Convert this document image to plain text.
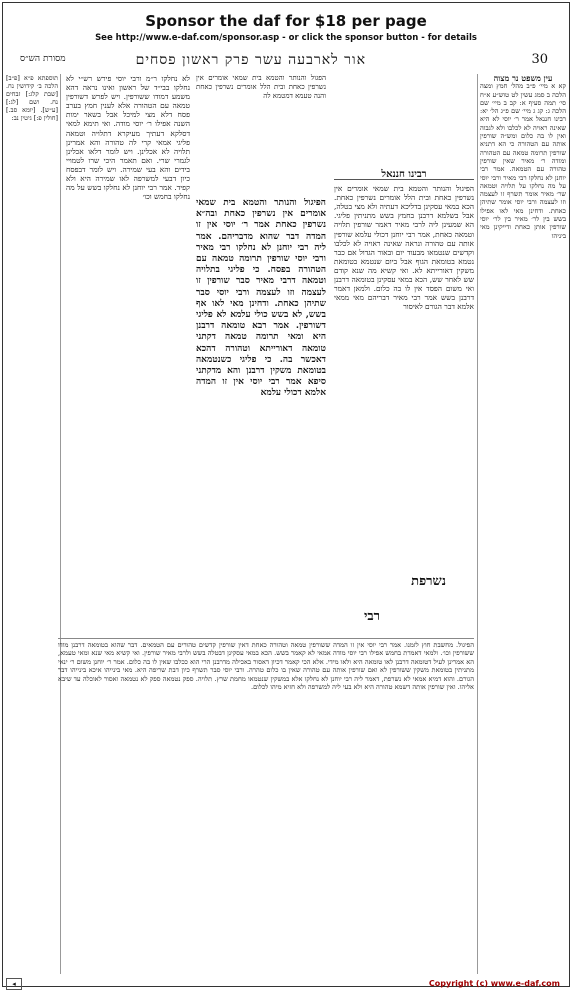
Sponsor the daf for $18 per page
See http://www.e-daf.com/sponsor.asp - or click the sponsor button - for details
30
אור לארבעה עשר פרק ראשון פסחים
מסורת הש״ס
עין משפט נר מצוה
קא א מיי׳ פ״ב מהל׳ חמץ ומצה הלכה ב סמג עשין לט טוש״ע א״ח סי׳ תמה סעיף א: קב ב מיי׳ שם הלכה ג: קג ג מיי׳ שם פ״ג הל׳ יא: רבינו חננאל אמר ר׳ יוסי לא היא שאינה ראויה לא לכלבו ולא לגבוה ואין לו בה כלום ומש״ה שורפין אותה עם הטהורה כי הא דתניא שורפין תרומה טמאה עם הטהורה ומודה ר׳ מאיר שאין שורפין טהורה עם הטמאה. אמר רבי יוחנן לא נחלקו רבי מאיר ורבי יוסי על מה נחלקו על תלויה וטמאה שר׳ מאיר אומר תשרף זו לעצמה וזו לעצמה ורבי יוסי אומר שתיהן כאחת. ודחינן מאי לאו אפילו בשש בין לר׳ מאיר בין לר׳ יוסי שורפין אותן כאחת ודייקינן מאי ביניהו
הפגול והנותר והטמא בית שמאי אומרים אין נשרפין כאחת ובית הלל אומרים נשרפין כאחת והנה טעמא דמטמא לה
רבינו חננאל
הפיגול והנותר והטמא בית שמאי אומרים אין נשרפין כאחת ובית הלל אומרים נשרפין כאחת. הכא במאי עסקינן בדליכא דעתיה ולא מצי בטלה, אבל בשלמא דרבנן בחמץ בשש מתניתין פליגי. הא שמעינן ליה לרבי מאיר דאמר שורפין תלויה וטמאה כאחת, אמר רבי יוחנן דכולי עלמא שורפין אותה עם טהורה ונראה שאינה ראויה לא לכלבו וקדשים שנטמאו מבעוד יום ובאור הגדול אם כבר נטמא בטומאת הגוף אבל ביום שנטמא בטומאת משקין דאורייתא לא. ואי קשיא מה שנא קודם שש לאחר שש, הכא במאי עסקינן בטומאה דרבנן ואי משום הפסד אין לו בה כלום. ולמאן דאמר דרבנן בשש אמר רבי מאיר דבריהם מאי ממאי אלמא דבר הגורם לאיסור
הפיגול והנותר והטמא בית שמאי אומרים אין נשרפין כאחת ובה״א נשרפין כאחת אמר ר׳ יוסי אין זו המדה דבר שהוא מדבריהם. אמר ליה רבי יוחנן לא נחלקו רבי מאיר ורבי יוסי שורפין תרומה טמאה עם הטהורה בפסח. כי פליגי בתלויה וטמאה דרבי מאיר סבר שורפין זו לעצמה וזו לעצמה ורבי יוסי סבר שתיהן כאחת. ודחינן מאי לאו אף בשש, לא בשש כולי עלמא לא פליגי דשורפין. אמר רבא טומאה דרבנן היא ומאי תרומה טמאה דקתני טומאה דאורייתא וטהורה דהכא דאכשר בה. כי פליגי כשנטמאה בטומאת משקין דרבנן והא מדקתני סיפא אמר רבי יוסי אין זו המדה אלמא דכולי עלמא
לא נחלקו ר״מ ורבי יוסי פירש רש״י לא נחלקו בבי״ד של ראשון ואינו נראה דהא משמע דמודו ששורפין. ויש לפרש דשורפין טמאה עם הטהורה אלא לענין חמץ בערב פסח דלא מצי למיכל אבל בשאר ימות השנה אפילו ר׳ יוסי מודה. ואי תימא למאי דסלקא דעתיך מעיקרא דתלויה וטמאה פליגי אמאי קרי לה טהורה והא אמרינן תלויה לא אכלינן. ויש לומר דלאו אכלינן לגמרי שרי. ואם תאמר היכי שרו לטמויי בידים והא בעי שמירה. ויש לומר דבפסח כיון דבעי למשרפה לאו שמירה היא ולא קפיד. אמר רבי יוחנן לא נחלקו בשש על מה נחלקו בחמש וכו׳
תוספתא פ״א [פ״ב] הלכה ב׳ קידושין נח. [שבת קלג:] זבחים נח. ושם [לג:] [ע״ש]. [יומא סב.] [חולין פ:] גיטין נב:
נשרפת
רבי
הפיגול. מחשבת חוץ לזמנו. אמר רבי יוסי אין זו המדה ששורפין טמאה וטהורה כאחת דאין שורפין קדשים טהורים עם הטמאים. דבר שהוא בטומאה דרבנן מודו ששורפין וכו׳. ולמאי דאמרת בחמש אפילו רבי יוסי מודה אמאי לא קאמר בשש. הכא במאי עסקינן דבטלה בשש ולרבי מאיר שורפין. ואי קשיא מאי שנא ומאי טעמא, הא אמרינן לעיל דטומאה דרבנן לאו טומאה היא ולאו מידי. אלא הכי קאמר דכיון דאסור באכילה מדרבנן הרי הוא ככלבו שאין לו בה כלום. אמר ר׳ יוחנן משום ר׳ ינאי מתניתין בטומאת משקין ששורפין לא ואם שורפין אותה עם טהורה שאין בו כלום טהרה. ורבי יוסי סבר תשרף כיון דבת שריפה היא. מאי בינייהו איכא בינייהו דבר הגורם. והוא דמיא אמאי לא נשרפת, דאמר ליה רבי יוחנן לא נחלקו אלא במשקין שנטמאו מחמת שרץ. תלויה. ספק נטמאה ספק לא נטמאה ואסור לאוכלה עד שיבא אליהו. ואין שורפין אותה דשמא טהורה היא ולא בעי ליה למשרפה ולא חזיא מיהו לכלום.
◂	Copyright (c) www.e-daf.com
